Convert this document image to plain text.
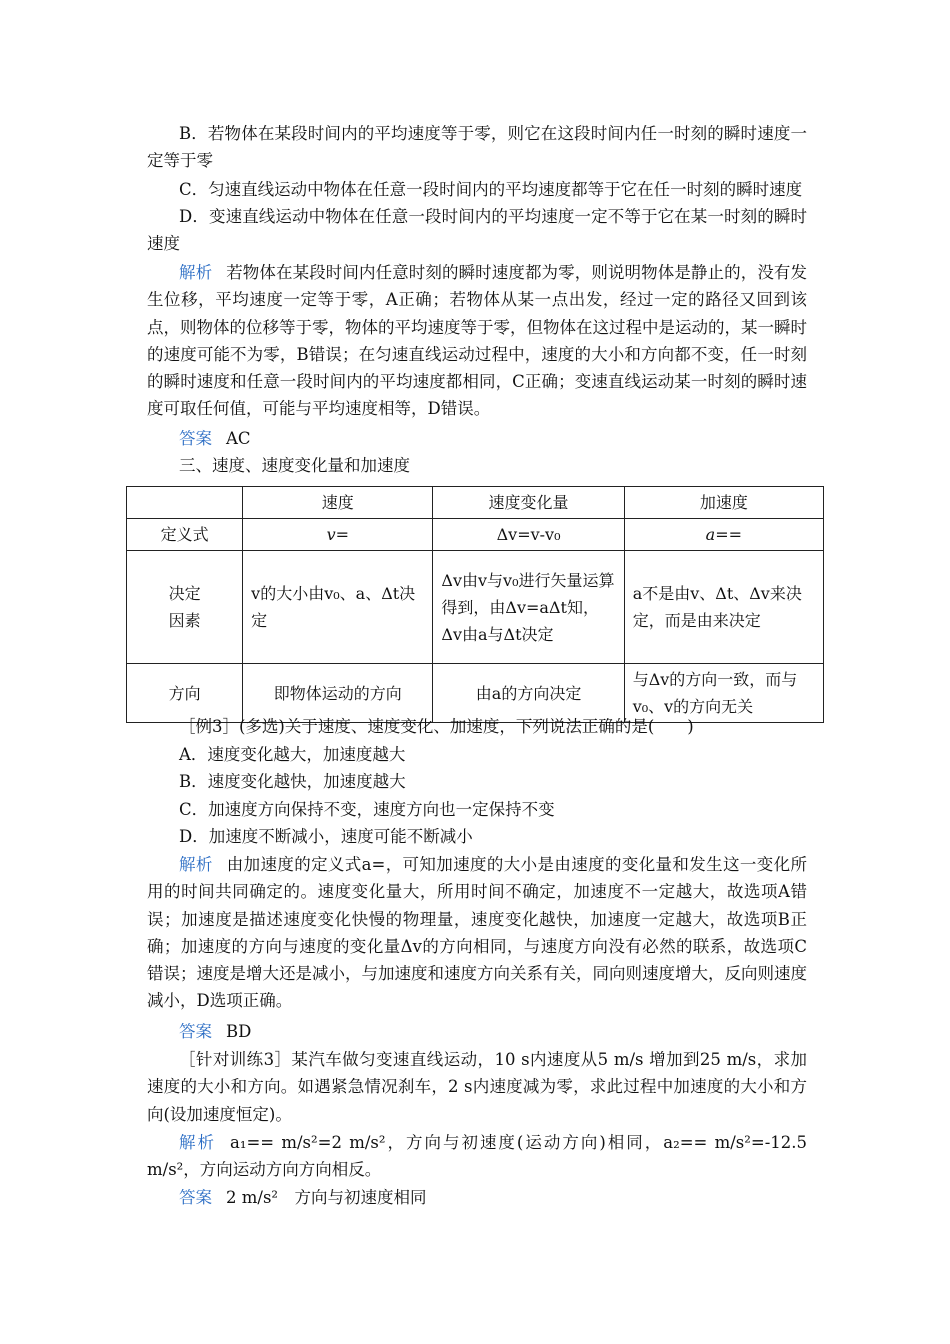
B．若物体在某段时间内的平均速度等于零，则它在这段时间内任一时刻的瞬时速度一定等于零

C．匀速直线运动中物体在任意一段时间内的平均速度都等于它在任一时刻的瞬时速度

D．变速直线运动中物体在任意一段时间内的平均速度一定不等于它在某一时刻的瞬时速度

解析 若物体在某段时间内任意时刻的瞬时速度都为零，则说明物体是静止的，没有发生位移，平均速度一定等于零，A正确；若物体从某一点出发，经过一定的路径又回到该点，则物体的位移等于零，物体的平均速度等于零，但物体在这过程中是运动的，某一瞬时的速度可能不为零，B错误；在匀速直线运动过程中，速度的大小和方向都不变，任一时刻的瞬时速度和任意一段时间内的平均速度都相同，C正确；变速直线运动某一时刻的瞬时速度可取任何值，可能与平均速度相等，D错误。

答案 AC

三、速度、速度变化量和加速度

	速度	速度变化量	加速度
定义式	v=	Δv=v-v₀	a==
决定因素	v的大小由v₀、a、Δt决定	Δv由v与v₀进行矢量运算得到，由Δv=aΔt知，Δv由a与Δt决定	a不是由v、Δt、Δv来决定，而是由来决定
方向	即物体运动的方向	由a的方向决定	与Δv的方向一致，而与v₀、v的方向无关

［例3］(多选)关于速度、速度变化、加速度，下列说法正确的是(　　)

A．速度变化越大，加速度越大

B．速度变化越快，加速度越大

C．加速度方向保持不变，速度方向也一定保持不变

D．加速度不断减小，速度可能不断减小

解析 由加速度的定义式a=，可知加速度的大小是由速度的变化量和发生这一变化所用的时间共同确定的。速度变化量大，所用时间不确定，加速度不一定越大，故选项A错误；加速度是描述速度变化快慢的物理量，速度变化越快，加速度一定越大，故选项B正确；加速度的方向与速度的变化量Δv的方向相同，与速度方向没有必然的联系，故选项C错误；速度是增大还是减小，与加速度和速度方向关系有关，同向则速度增大，反向则速度减小，D选项正确。

答案 BD

［针对训练3］某汽车做匀变速直线运动，10 s内速度从5 m/s 增加到25 m/s，求加速度的大小和方向。如遇紧急情况刹车，2 s内速度减为零，求此过程中加速度的大小和方向(设加速度恒定)。

解析 a₁== m/s²=2 m/s²，方向与初速度(运动方向)相同，a₂== m/s²=-12.5 m/s²，方向运动方向方向相反。

答案 2 m/s²　方向与初速度相同
